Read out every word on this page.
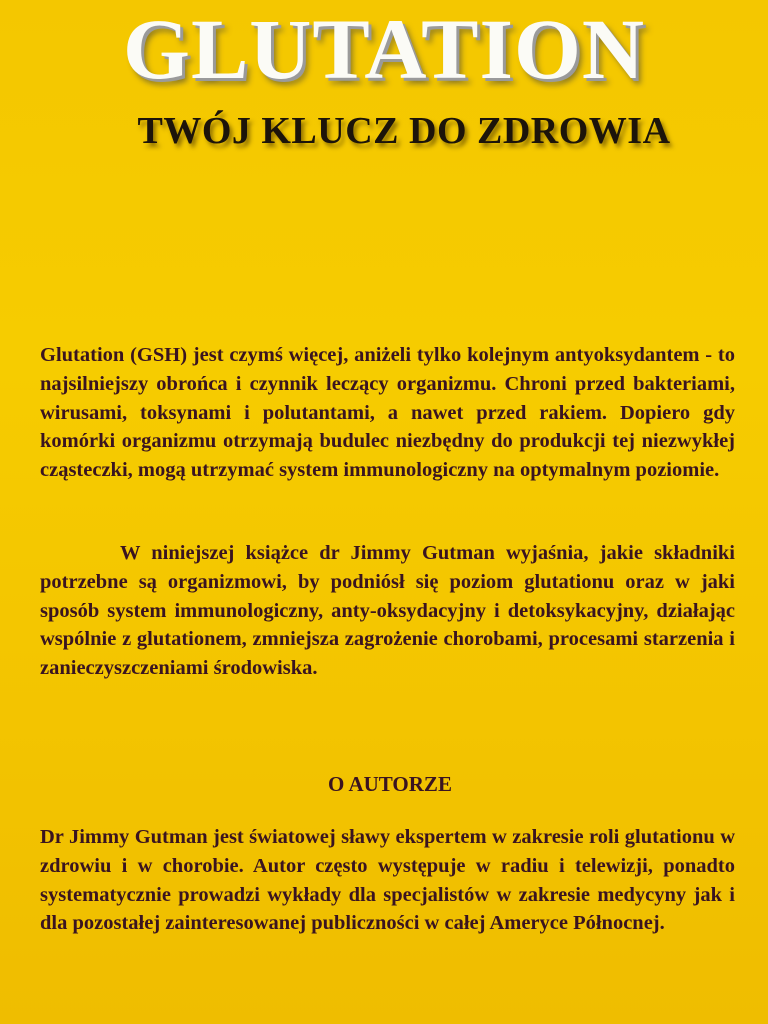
GLUTATION
TWÓJ KLUCZ DO ZDROWIA
Glutation (GSH) jest czymś więcej, aniżeli tylko kolejnym antyoksydantem - to najsilniejszy obrońca i czynnik leczący organizmu. Chroni przed bakteriami, wirusami, toksynami i polutantami, a nawet przed rakiem. Dopiero gdy komórki organizmu otrzymają budulec niezbędny do produkcji tej niezwykłej cząsteczki, mogą utrzymać system immunologiczny na optymalnym poziomie.
W niniejszej książce dr Jimmy Gutman wyjaśnia, jakie składniki potrzebne są organizmowi, by podniósł się poziom glutationu oraz w jaki sposób system immunologiczny, anty-oksydacyjny i detoksykacyjny, działając wspólnie z glutationem, zmniejsza zagrożenie chorobami, procesami starzenia i zanieczyszczeniami środowiska.
O AUTORZE
Dr Jimmy Gutman jest światowej sławy ekspertem w zakresie roli glutationu w zdrowiu i w chorobie. Autor często występuje w radiu i telewizji, ponadto systematycznie prowadzi wykłady dla specjalistów w zakresie medycyny jak i dla pozostałej zainteresowanej publiczności w całej Ameryce Północnej.
